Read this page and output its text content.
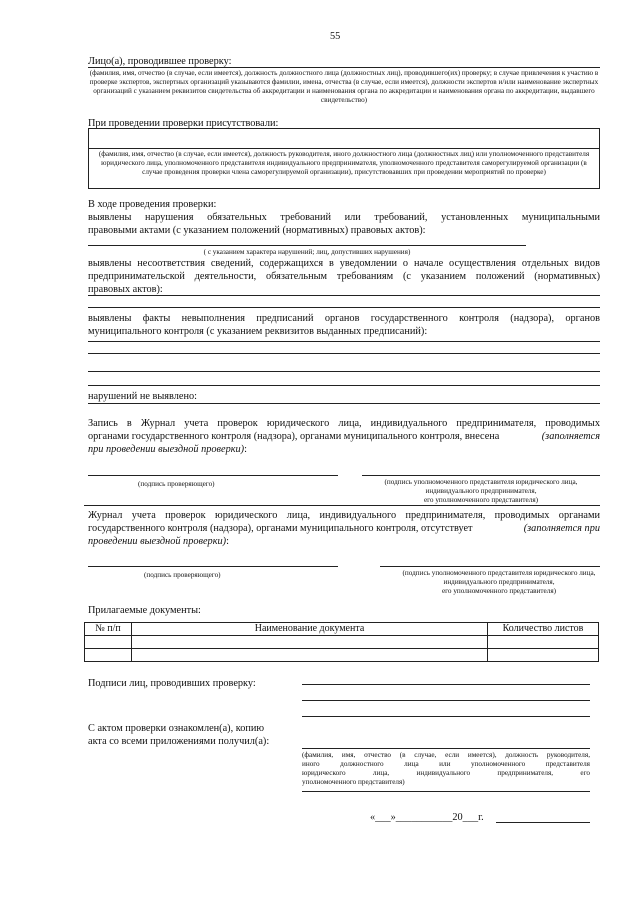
55
Лицо(а), проводившее проверку:
(фамилия, имя, отчество (в случае, если имеется), должность должностного лица (должностных лиц), проводившего(их) проверку; в случае привлечения к участию в проверке экспертов, экспертных организаций указываются фамилии, имена, отчества (в случае, если имеется), должности экспертов и/или наименование экспертных организаций с указанием реквизитов свидетельства об аккредитации и наименования органа по аккредитации и наименования органа по аккредитации, выдавшего свидетельство)
При проведении проверки присутствовали:
(фамилия, имя, отчество (в случае, если имеется), должность руководителя, иного должностного лица (должностных лиц) или уполномоченного представителя юридического лица, уполномоченного представителя индивидуального предпринимателя, уполномоченного представителя саморегулируемой организации (в случае проведения проверки члена саморегулируемой организации), присутствовавших при проведении мероприятий по проверке)
В ходе проведения проверки:
выявлены нарушения обязательных требований или требований, установленных муниципальными
правовыми актами (с указанием положений (нормативных) правовых актов):
( с указанием характера нарушений; лиц, допустивших нарушения)
выявлены несоответствия сведений, содержащихся в уведомлении о начале осуществления отдельных видов
предпринимательской деятельности, обязательным требованиям (с указанием положений (нормативных)
правовых актов):
выявлены факты невыполнения предписаний органов государственного контроля (надзора), органов
муниципального контроля (с указанием реквизитов выданных предписаний):
нарушений не выявлено:
Запись в Журнал учета проверок юридического лица, индивидуального предпринимателя, проводимых
органами государственного контроля (надзора), органами муниципального контроля, внесена	(заполняется
при проведении выездной проверки):
(подпись проверяющего)	(подпись уполномоченного представителя юридического лица,
индивидуального предпринимателя,
его уполномоченного представителя)
Журнал учета проверок юридического лица, индивидуального предпринимателя, проводимых органами
государственного контроля (надзора), органами муниципального контроля, отсутствует	(заполняется при
проведении выездной проверки):
(подпись проверяющего)	(подпись уполномоченного представителя юридического лица,
индивидуального предпринимателя,
его уполномоченного представителя)
Прилагаемые документы:
№ п/п	Наименование документа	Количество листов

Подписи лиц, проводивших проверку:
С актом проверки ознакомлен(а), копию
акта со всеми приложениями получил(а):
(фамилия, имя, отчество (в случае, если имеется), должность руководителя,
иного должностного лица или уполномоченного представителя
юридического лица, индивидуального предпринимателя, его
уполномоченного представителя)
«___»___________20___г.
